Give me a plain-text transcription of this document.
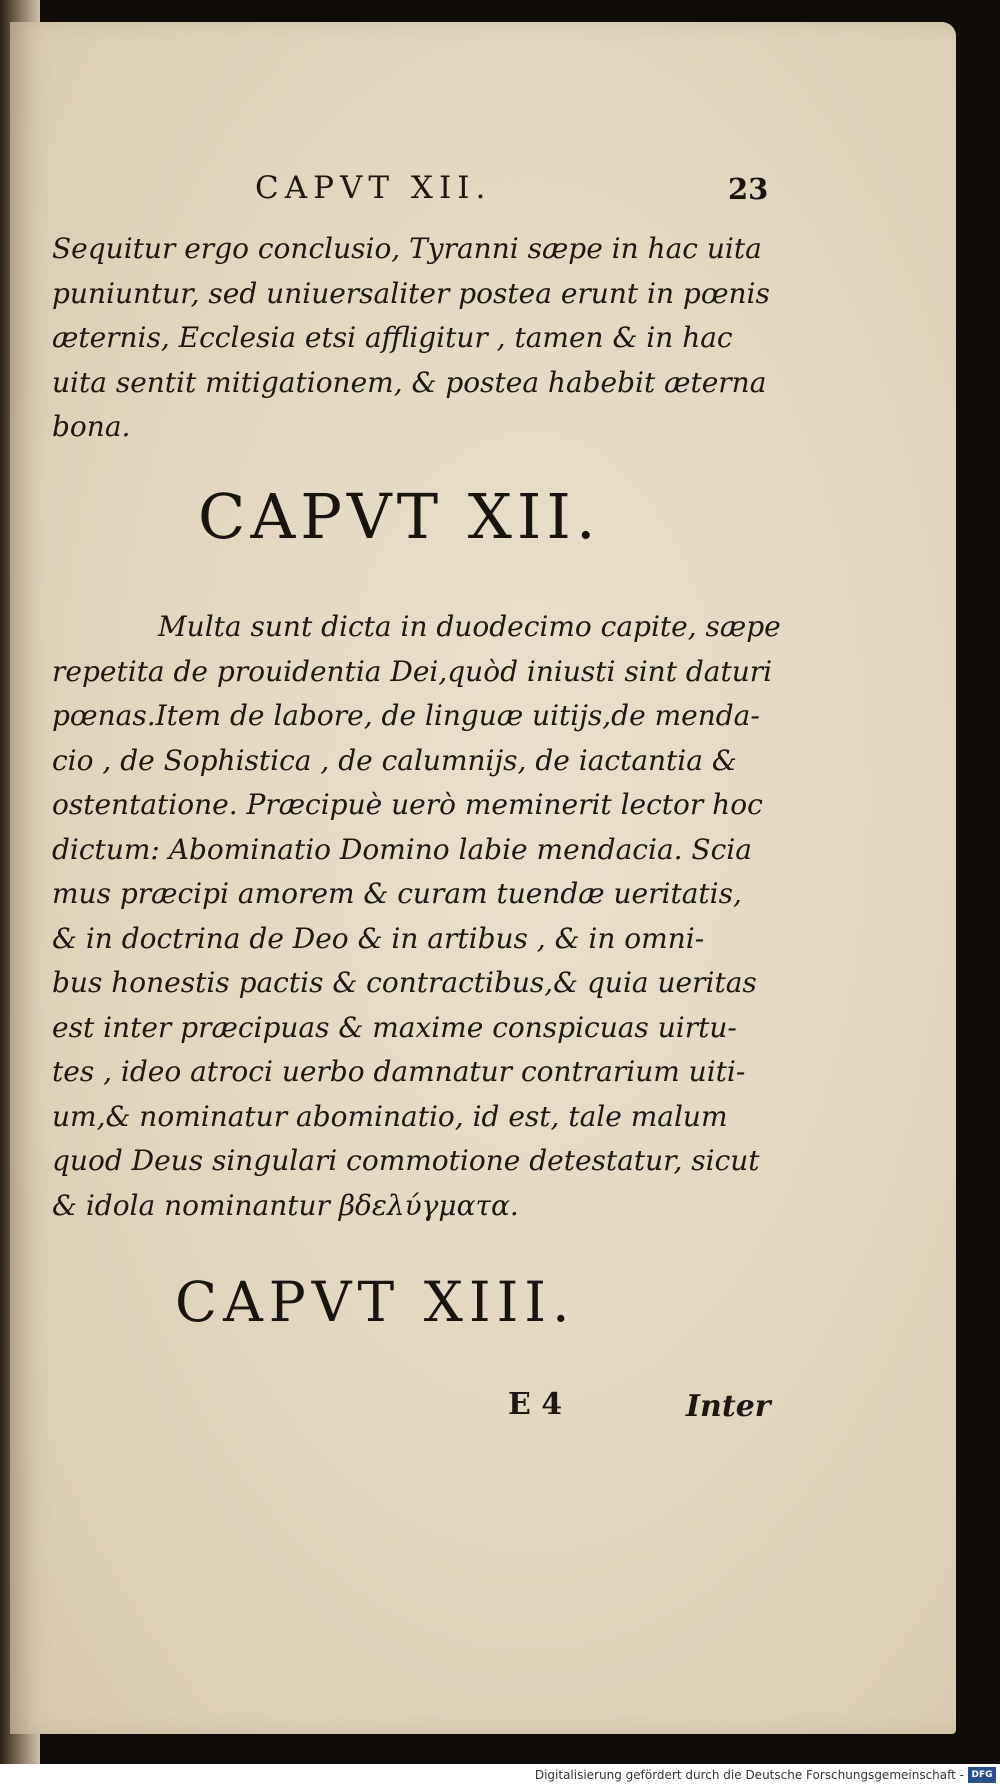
CAPVT XII.	23
Sequitur ergo conclusio, Tyranni sæpe in hac uita
puniuntur, sed uniuersaliter postea erunt in pœnis
æternis, Ecclesia etsi affligitur , tamen & in hac
uita sentit mitigationem, & postea habebit æterna
bona.
CAPVT XII.
Multa sunt dicta in duodecimo capite, sæpe
repetita de prouidentia Dei,quòd iniusti sint daturi
pœnas.Item de labore, de linguæ uitijs,de menda-
cio , de Sophistica , de calumnijs, de iactantia &
ostentatione. Præcipuè uerò meminerit lector hoc
dictum: Abominatio Domino labie mendacia. Scia
mus præcipi amorem & curam tuendæ ueritatis,
& in doctrina de Deo & in artibus , & in omni-
bus honestis pactis & contractibus,& quia ueritas
est inter præcipuas & maxime conspicuas uirtu-
tes , ideo atroci uerbo damnatur contrarium uiti-
um,& nominatur abominatio, id est, tale malum
quod Deus singulari commotione detestatur, sicut
& idola nominantur βδελύγματα.
CAPVT XIII.
E 4	Inter
Digitalisierung gefördert durch die Deutsche Forschungsgemeinschaft - DFG
